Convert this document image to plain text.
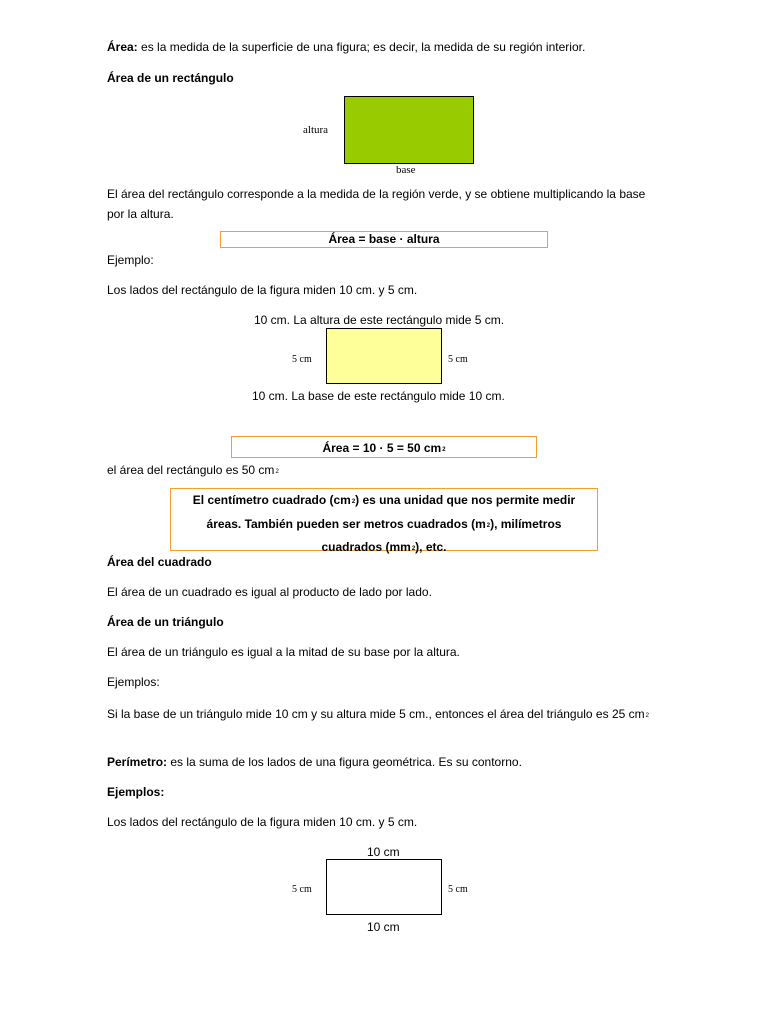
Área: es la medida de la superficie de una figura; es decir, la medida de su región interior.
Área de un rectángulo
altura
base
El área del rectángulo corresponde a la medida de la región verde, y se obtiene multiplicando la base por la altura.
Área = base · altura
Ejemplo:
Los lados del rectángulo de la figura miden 10 cm. y 5 cm.
10 cm. La altura de este rectángulo mide 5 cm.
5 cm	5 cm
10 cm. La base de este rectángulo mide 10 cm.
Área = 10 · 5 = 50 cm2
el área del rectángulo es 50 cm2
El centímetro cuadrado (cm2) es una unidad que nos permite medir
áreas. También pueden ser metros cuadrados (m2), milímetros
cuadrados (mm2), etc.
Área del cuadrado
El área de un cuadrado es igual al producto de lado por lado.
Área de un triángulo
El área de un triángulo es igual a la mitad de su base por la altura.
Ejemplos:
Si la base de un triángulo mide 10 cm y su altura mide 5 cm., entonces el área del triángulo es 25 cm2
Perímetro: es la suma de los lados de una figura geométrica. Es su contorno.
Ejemplos:
Los lados del rectángulo de la figura miden 10 cm. y 5 cm.
10 cm
5 cm	5 cm
10 cm
